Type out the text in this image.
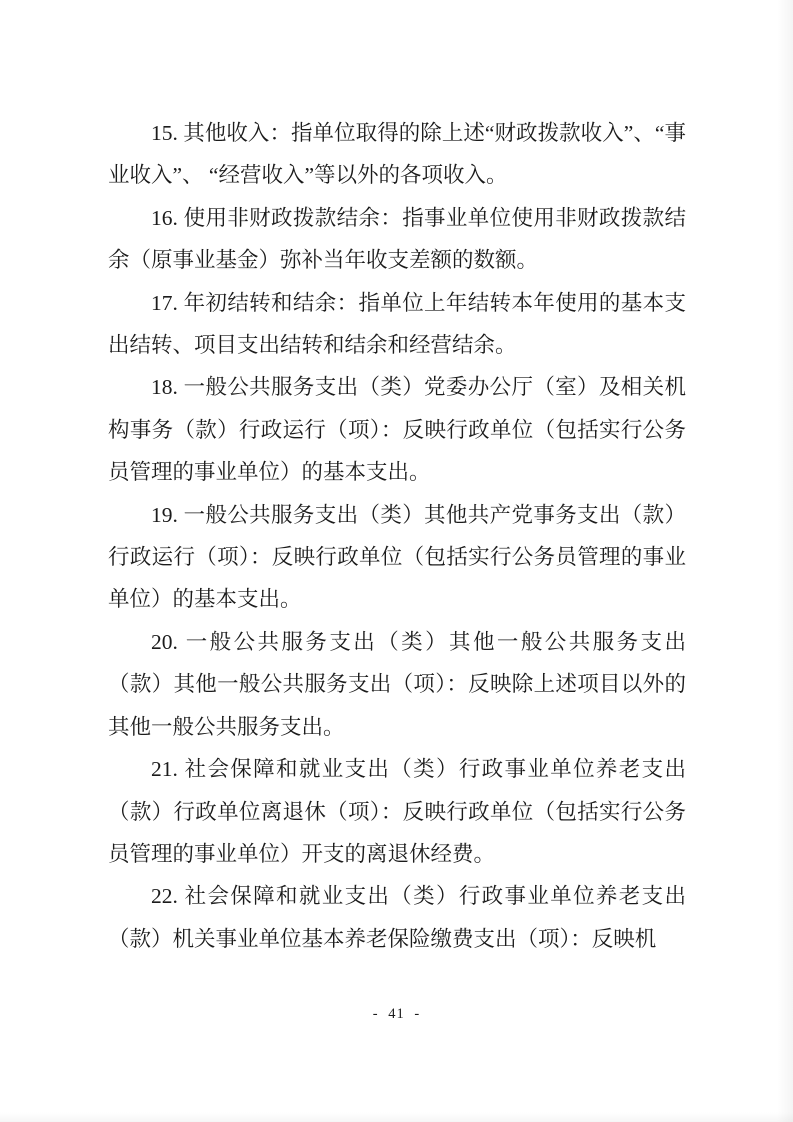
15. 其他收入：指单位取得的除上述“财政拨款收入”、“事业收入”、 “经营收入”等以外的各项收入。

16. 使用非财政拨款结余：指事业单位使用非财政拨款结余（原事业基金）弥补当年收支差额的数额。

17. 年初结转和结余：指单位上年结转本年使用的基本支出结转、项目支出结转和结余和经营结余。

18. 一般公共服务支出（类）党委办公厅（室）及相关机构事务（款）行政运行（项）：反映行政单位（包括实行公务员管理的事业单位）的基本支出。

19. 一般公共服务支出（类）其他共产党事务支出（款）行政运行（项）：反映行政单位（包括实行公务员管理的事业单位）的基本支出。

20. 一般公共服务支出（类）其他一般公共服务支出（款）其他一般公共服务支出（项）：反映除上述项目以外的其他一般公共服务支出。

21. 社会保障和就业支出（类）行政事业单位养老支出（款）行政单位离退休（项）：反映行政单位（包括实行公务员管理的事业单位）开支的离退休经费。

22. 社会保障和就业支出（类）行政事业单位养老支出（款）机关事业单位基本养老保险缴费支出（项）：反映机

- 41 -
